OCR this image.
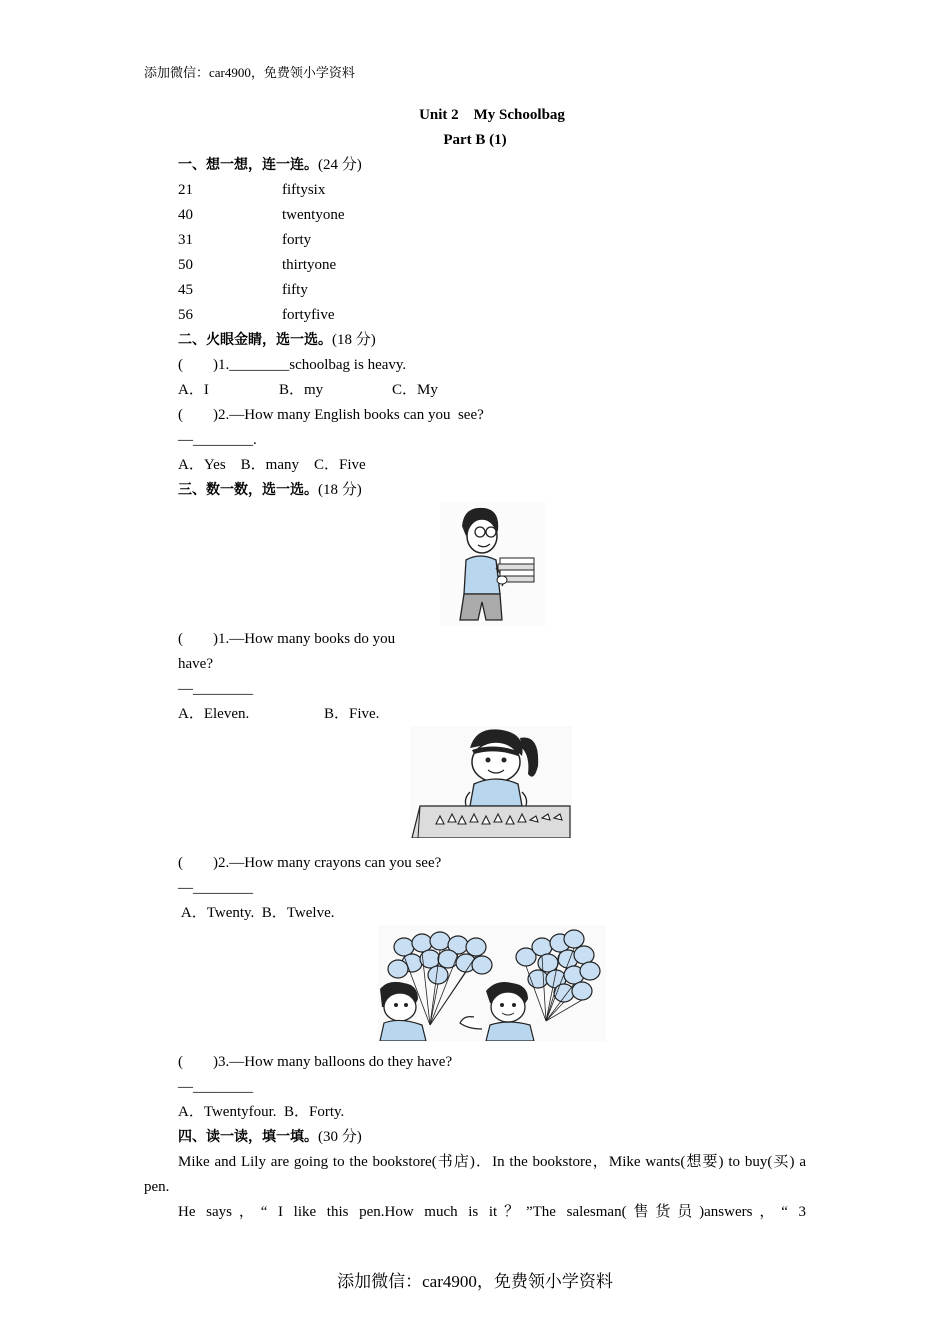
添加微信：car4900，免费领小学资料
Unit 2　My Schoolbag
Part B (1)
一、想一想，连一连。(24 分)
21	fiftysix
40	twentyone
31	forty
50	thirtyone
45	fifty
56	fortyfive
二、火眼金睛，选一选。(18 分)
(　　)1.________schoolbag is heavy.
A．I	B．my	C．My
(　　)2.—How many English books can you  see?
—________.
A．Yes　B．many　C．Five
三、数一数，选一选。(18 分)
(　　)1.—How many books do you
have?
—________
A．Eleven.	B．Five.
(　　)2.—How many crayons can you see?
—________
A．Twenty.  B．Twelve.
(　　)3.—How many balloons do they have?
—________
A．Twentyfour.  B．Forty.
四、读一读，填一填。(30 分)
Mike and Lily are going to the bookstore(书店)．In the bookstore，Mike wants(想要) to buy(买) a pen.
He says，“ I like this pen.How much is it？”The salesman(售货员)answers，“ 3
添加微信：car4900，免费领小学资料
